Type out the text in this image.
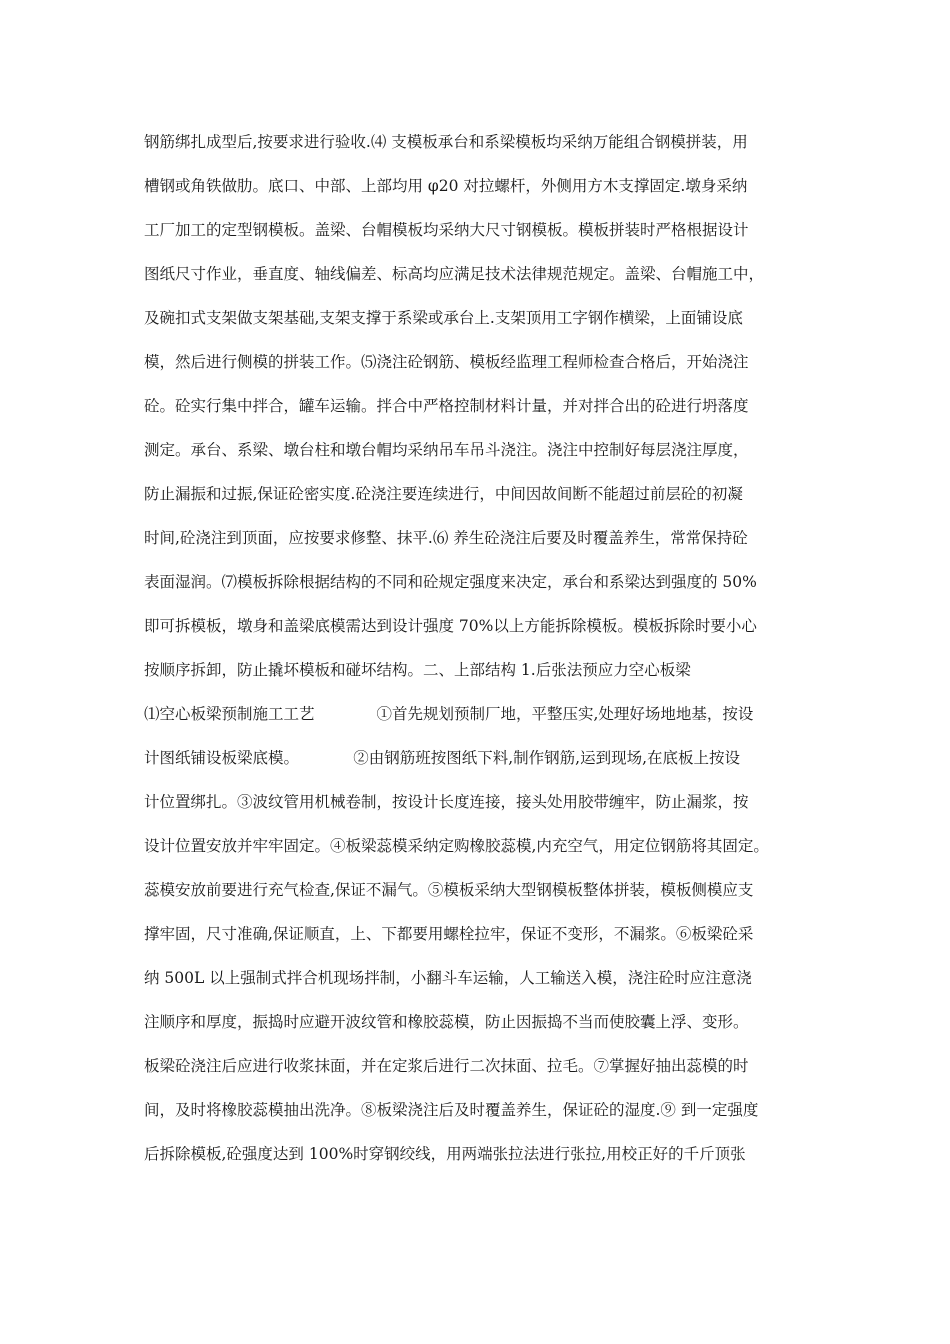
钢筋绑扎成型后,按要求进行验收.⑷ 支模板承台和系梁模板均采纳万能组合钢模拼装，用
槽钢或角铁做肋。底口、中部、上部均用 φ20 对拉螺杆，外侧用方木支撑固定.墩身采纳
工厂加工的定型钢模板。盖梁、台帽模板均采纳大尺寸钢模板。模板拼装时严格根据设计
图纸尺寸作业，垂直度、轴线偏差、标高均应满足技术法律规范规定。盖梁、台帽施工中，
及碗扣式支架做支架基础,支架支撑于系梁或承台上.支架顶用工字钢作横梁，上面铺设底
模，然后进行侧模的拼装工作。⑸浇注砼钢筋、模板经监理工程师检查合格后，开始浇注
砼。砼实行集中拌合，罐车运输。拌合中严格控制材料计量，并对拌合出的砼进行坍落度
测定。承台、系梁、墩台柱和墩台帽均采纳吊车吊斗浇注。浇注中控制好每层浇注厚度，
防止漏振和过振,保证砼密实度.砼浇注要连续进行，中间因故间断不能超过前层砼的初凝
时间,砼浇注到顶面，应按要求修整、抹平.⑹ 养生砼浇注后要及时覆盖养生，常常保持砼
表面湿润。⑺模板拆除根据结构的不同和砼规定强度来决定，承台和系梁达到强度的 50%
即可拆模板，墩身和盖梁底模需达到设计强度 70%以上方能拆除模板。模板拆除时要小心
按顺序拆卸，防止撬坏模板和碰坏结构。二、上部结构 1.后张法预应力空心板梁
⑴空心板梁预制施工工艺　　　　①首先规划预制厂地，平整压实,处理好场地地基，按设
计图纸铺设板梁底模。　　　　②由钢筋班按图纸下料,制作钢筋,运到现场,在底板上按设
计位置绑扎。③波纹管用机械卷制，按设计长度连接，接头处用胶带缠牢，防止漏浆，按
设计位置安放并牢牢固定。④板梁蕊模采纳定购橡胶蕊模,内充空气，用定位钢筋将其固定。
蕊模安放前要进行充气检查,保证不漏气。⑤模板采纳大型钢模板整体拼装，模板侧模应支
撑牢固，尺寸准确,保证顺直，上、下都要用螺栓拉牢，保证不变形，不漏浆。⑥板梁砼采
纳 500L 以上强制式拌合机现场拌制，小翻斗车运输，人工输送入模，浇注砼时应注意浇
注顺序和厚度，振捣时应避开波纹管和橡胶蕊模，防止因振捣不当而使胶囊上浮、变形。
板梁砼浇注后应进行收浆抹面，并在定浆后进行二次抹面、拉毛。⑦掌握好抽出蕊模的时
间，及时将橡胶蕊模抽出洗净。⑧板梁浇注后及时覆盖养生，保证砼的湿度.⑨ 到一定强度
后拆除模板,砼强度达到 100%时穿钢绞线，用两端张拉法进行张拉,用校正好的千斤顶张
